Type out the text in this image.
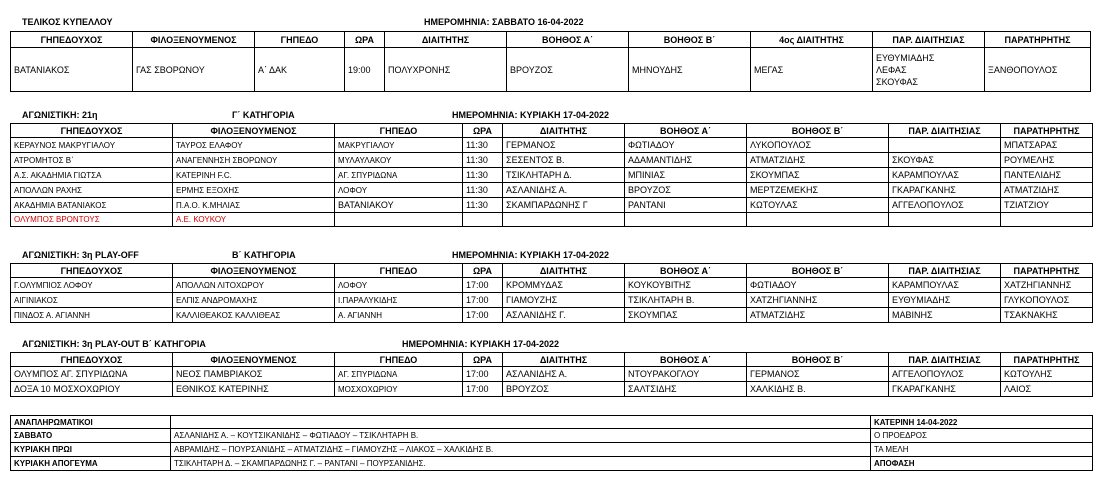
ΤΕΛΙΚΟΣ ΚΥΠΕΛΛΟΥ	ΗΜΕΡΟΜΗΝΙΑ: ΣΑΒΒΑΤΟ 16-04-2022
ΓΗΠΕΔΟΥΧΟΣ	ΦΙΛΟΞΕΝΟΥΜΕΝΟΣ	ΓΗΠΕΔΟ	ΩΡΑ	ΔΙΑΙΤΗΤΗΣ	ΒΟΗΘΟΣ Α΄	ΒΟΗΘΟΣ Β΄	4ος ΔΙΑΙΤΗΤΗΣ	ΠΑΡ. ΔΙΑΙΤΗΣΙΑΣ	ΠΑΡΑΤΗΡΗΤΗΣ
ΒΑΤΑΝΙΑΚΟΣ	ΓΑΣ ΣΒΟΡΩΝΟΥ	Α΄ ΔΑΚ	19:00	ΠΟΛΥΧΡΟΝΗΣ	ΒΡΟΥΖΟΣ	ΜΗΝΟΥΔΗΣ	ΜΕΓΑΣ	ΕΥΘΥΜΙΑΔΗΣ
ΛΕΦΑΣ
ΣΚΟΥΦΑΣ	ΞΑΝΘΟΠΟΥΛΟΣ
ΑΓΩΝΙΣΤΙΚΗ: 21η	Γ΄ ΚΑΤΗΓΟΡΙΑ	ΗΜΕΡΟΜΗΝΙΑ: ΚΥΡΙΑΚΗ 17-04-2022
ΓΗΠΕΔΟΥΧΟΣ	ΦΙΛΟΞΕΝΟΥΜΕΝΟΣ	ΓΗΠΕΔΟ	ΩΡΑ	ΔΙΑΙΤΗΤΗΣ	ΒΟΗΘΟΣ Α΄	ΒΟΗΘΟΣ Β΄	ΠΑΡ. ΔΙΑΙΤΗΣΙΑΣ	ΠΑΡΑΤΗΡΗΤΗΣ
ΚΕΡΑΥΝΟΣ ΜΑΚΡΥΓΙΑΛΟΥ	ΤΑΥΡΟΣ ΕΛΑΦΟΥ	ΜΑΚΡΥΓΙΑΛΟΥ	11:30	ΓΕΡΜΑΝΟΣ	ΦΩΤΙΑΔΟΥ	ΛΥΚΟΠΟΥΛΟΣ		ΜΠΑΤΣΑΡΑΣ
ΑΤΡΟΜΗΤΟΣ Β΄	ΑΝΑΓΕΝΝΗΣΗ ΣΒΟΡΩΝΟΥ	ΜΥΛΑΥΛΑΚΟΥ	11:30	ΣΕΣΕΝΤΟΣ Β.	ΑΔΑΜΑΝΤΙΔΗΣ	ΑΤΜΑΤΖΙΔΗΣ	ΣΚΟΥΦΑΣ	ΡΟΥΜΕΛΗΣ
Α.Σ. ΑΚΑΔΗΜΙΑ ΓΙΩΤΣΑ	ΚΑΤΕΡΙΝΗ F.C.	ΑΓ. ΣΠΥΡΙΔΩΝΑ	11:30	ΤΣΙΚΛΗΤΑΡΗ Δ.	ΜΠΙΝΙΑΣ	ΣΚΟΥΜΠΑΣ	ΚΑΡΑΜΠΟΥΛΑΣ	ΠΑΝΤΕΛΙΔΗΣ
ΑΠΟΛΛΩΝ ΡΑΧΗΣ	ΕΡΜΗΣ ΕΞΟΧΗΣ	ΛΟΦΟΥ	11:30	ΑΣΛΑΝΙΔΗΣ Α.	ΒΡΟΥΖΟΣ	ΜΕΡΤΖΕΜΕΚΗΣ	ΓΚΑΡΑΓΚΑΝΗΣ	ΑΤΜΑΤΖΙΔΗΣ
ΑΚΑΔΗΜΙΑ ΒΑΤΑΝΙΑΚΟΣ	Π.Α.Ο. Κ.ΜΗΛΙΑΣ	ΒΑΤΑΝΙΑΚΟΥ	11:30	ΣΚΑΜΠΑΡΔΩΝΗΣ Γ	ΡΑΝΤΑΝΙ	ΚΩΤΟΥΛΑΣ	ΑΓΓΕΛΟΠΟΥΛΟΣ	ΤΖΙΑΤΖΙΟΥ
ΟΛΥΜΠΟΣ ΒΡΟΝΤΟΥΣ	Α.Ε. ΚΟΥΚΟΥ							
ΑΓΩΝΙΣΤΙΚΗ: 3η PLAY-OFF	Β΄ ΚΑΤΗΓΟΡΙΑ	ΗΜΕΡΟΜΗΝΙΑ: ΚΥΡΙΑΚΗ 17-04-2022
ΓΗΠΕΔΟΥΧΟΣ	ΦΙΛΟΞΕΝΟΥΜΕΝΟΣ	ΓΗΠΕΔΟ	ΩΡΑ	ΔΙΑΙΤΗΤΗΣ	ΒΟΗΘΟΣ Α΄	ΒΟΗΘΟΣ Β΄	ΠΑΡ. ΔΙΑΙΤΗΣΙΑΣ	ΠΑΡΑΤΗΡΗΤΗΣ
Γ.ΟΛΥΜΠΙΟΣ ΛΟΦΟΥ	ΑΠΟΛΛΩΝ ΛΙΤΟΧΩΡΟΥ	ΛΟΦΟΥ	17:00	ΚΡΟΜΜΥΔΑΣ	ΚΟΥΚΟΥΒΙΤΗΣ	ΦΩΤΙΑΔΟΥ	ΚΑΡΑΜΠΟΥΛΑΣ	ΧΑΤΖΗΓΙΑΝΝΗΣ
ΑΙΓΙΝΙΑΚΟΣ	ΕΛΠΙΣ ΑΝΔΡΟΜΑΧΗΣ	Ι.ΠΑΡΑΛΥΚΙΔΗΣ	17:00	ΓΙΑΜΟΥΖΗΣ	ΤΣΙΚΛΗΤΑΡΗ Β.	ΧΑΤΖΗΓΙΑΝΝΗΣ	ΕΥΘΥΜΙΑΔΗΣ	ΓΛΥΚΟΠΟΥΛΟΣ
ΠΙΝΔΟΣ Α. ΑΓΙΑΝΝΗ	ΚΑΛΛΙΘΕΑΚΟΣ ΚΑΛΛΙΘΕΑΣ	Α. ΑΓΙΑΝΝΗ	17:00	ΑΣΛΑΝΙΔΗΣ Γ.	ΣΚΟΥΜΠΑΣ	ΑΤΜΑΤΖΙΔΗΣ	ΜΑΒΙΝΗΣ	ΤΣΑΚΝΑΚΗΣ
ΑΓΩΝΙΣΤΙΚΗ: 3η PLAY-OUT Β΄ ΚΑΤΗΓΟΡΙΑ	ΗΜΕΡΟΜΗΝΙΑ: ΚΥΡΙΑΚΗ 17-04-2022
ΓΗΠΕΔΟΥΧΟΣ	ΦΙΛΟΞΕΝΟΥΜΕΝΟΣ	ΓΗΠΕΔΟ	ΩΡΑ	ΔΙΑΙΤΗΤΗΣ	ΒΟΗΘΟΣ Α΄	ΒΟΗΘΟΣ Β΄	ΠΑΡ. ΔΙΑΙΤΗΣΙΑΣ	ΠΑΡΑΤΗΡΗΤΗΣ
ΟΛΥΜΠΟΣ ΑΓ. ΣΠΥΡΙΔΩΝΑ	ΝΕΟΣ ΠΑΜΒΡΙΑΚΟΣ	ΑΓ. ΣΠΥΡΙΔΩΝΑ	17:00	ΑΣΛΑΝΙΔΗΣ Α.	ΝΤΟΥΡΑΚΟΓΛΟΥ	ΓΕΡΜΑΝΟΣ	ΑΓΓΕΛΟΠΟΥΛΟΣ	ΚΩΤΟΥΛΗΣ
ΔΟΞΑ 10 ΜΟΣΧΟΧΩΡΙΟΥ	ΕΘΝΙΚΟΣ ΚΑΤΕΡΙΝΗΣ	ΜΟΣΧΟΧΩΡΙΟΥ	17:00	ΒΡΟΥΖΟΣ	ΣΑΛΤΣΙΔΗΣ	ΧΑΛΚΙΔΗΣ Β.	ΓΚΑΡΑΓΚΑΝΗΣ	ΛΑΙΟΣ
ΑΝΑΠΛΗΡΩΜΑΤΙΚΟΙ		ΚΑΤΕΡΙΝΗ 14-04-2022
ΣΑΒΒΑΤΟ	ΑΣΛΑΝΙΔΗΣ Α. – ΚΟΥΤΣΙΚΑΝΙΔΗΣ – ΦΩΤΙΑΔΟΥ – ΤΣΙΚΛΗΤΑΡΗ Β.	Ο ΠΡΟΕΔΡΟΣ
ΚΥΡΙΑΚΗ ΠΡΩΙ	ΑΒΡΑΜΙΔΗΣ – ΠΟΥΡΣΑΝΙΔΗΣ – ΑΤΜΑΤΖΙΔΗΣ – ΓΙΑΜΟΥΖΗΣ – ΛΙΑΚΟΣ – ΧΑΛΚΙΔΗΣ Β.	ΤΑ ΜΕΛΗ
ΚΥΡΙΑΚΗ ΑΠΟΓΕΥΜΑ	ΤΣΙΚΛΗΤΑΡΗ Δ. – ΣΚΑΜΠΑΡΔΩΝΗΣ Γ. – ΡΑΝΤΑΝΙ – ΠΟΥΡΣΑΝΙΔΗΣ.	ΑΠΟΦΑΣΗ
